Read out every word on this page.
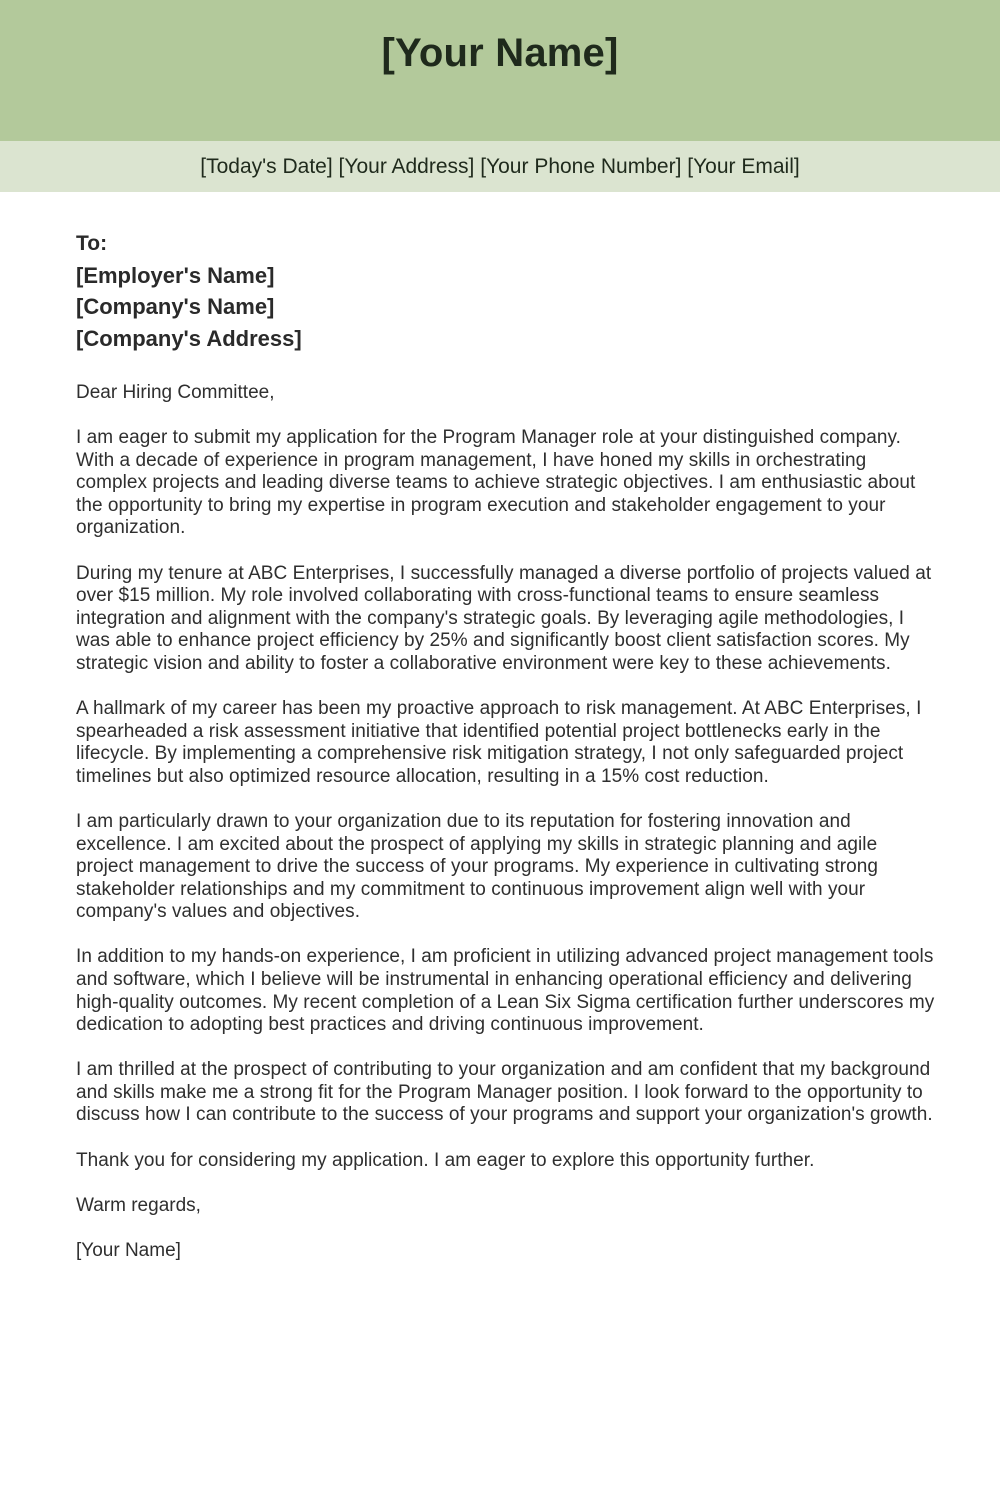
[Your Name]
[Today's Date] [Your Address] [Your Phone Number] [Your Email]
To:
[Employer's Name]
[Company's Name]
[Company's Address]

Dear Hiring Committee,

I am eager to submit my application for the Program Manager role at your distinguished company. With a decade of experience in program management, I have honed my skills in orchestrating complex projects and leading diverse teams to achieve strategic objectives. I am enthusiastic about the opportunity to bring my expertise in program execution and stakeholder engagement to your organization.

During my tenure at ABC Enterprises, I successfully managed a diverse portfolio of projects valued at over $15 million. My role involved collaborating with cross-functional teams to ensure seamless integration and alignment with the company's strategic goals. By leveraging agile methodologies, I was able to enhance project efficiency by 25% and significantly boost client satisfaction scores. My strategic vision and ability to foster a collaborative environment were key to these achievements.

A hallmark of my career has been my proactive approach to risk management. At ABC Enterprises, I spearheaded a risk assessment initiative that identified potential project bottlenecks early in the lifecycle. By implementing a comprehensive risk mitigation strategy, I not only safeguarded project timelines but also optimized resource allocation, resulting in a 15% cost reduction.

I am particularly drawn to your organization due to its reputation for fostering innovation and excellence. I am excited about the prospect of applying my skills in strategic planning and agile project management to drive the success of your programs. My experience in cultivating strong stakeholder relationships and my commitment to continuous improvement align well with your company's values and objectives.

In addition to my hands-on experience, I am proficient in utilizing advanced project management tools and software, which I believe will be instrumental in enhancing operational efficiency and delivering high-quality outcomes. My recent completion of a Lean Six Sigma certification further underscores my dedication to adopting best practices and driving continuous improvement.

I am thrilled at the prospect of contributing to your organization and am confident that my background and skills make me a strong fit for the Program Manager position. I look forward to the opportunity to discuss how I can contribute to the success of your programs and support your organization's growth.

Thank you for considering my application. I am eager to explore this opportunity further.

Warm regards,

[Your Name]
